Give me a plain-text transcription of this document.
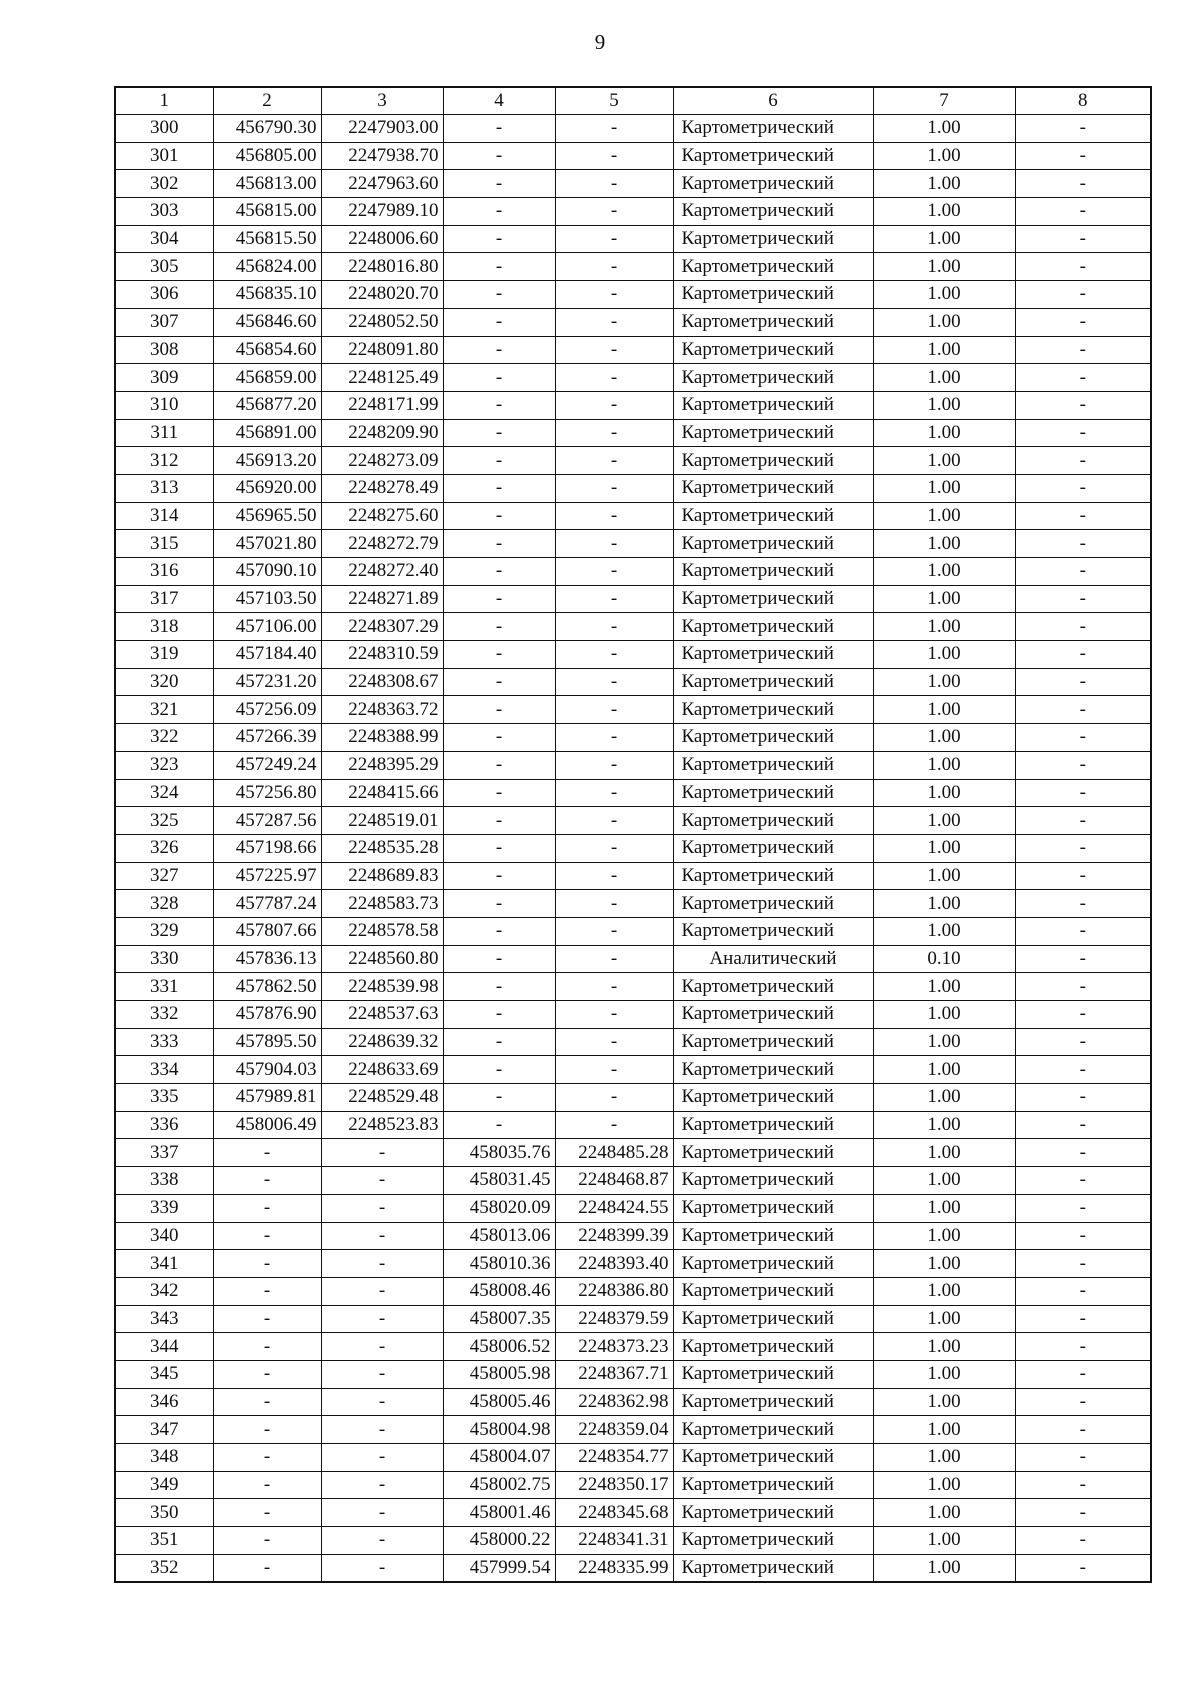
9
1	2	3	4	5	6	7	8
300	456790.30	2247903.00	-	-	Картометрический	1.00	-
301	456805.00	2247938.70	-	-	Картометрический	1.00	-
302	456813.00	2247963.60	-	-	Картометрический	1.00	-
303	456815.00	2247989.10	-	-	Картометрический	1.00	-
304	456815.50	2248006.60	-	-	Картометрический	1.00	-
305	456824.00	2248016.80	-	-	Картометрический	1.00	-
306	456835.10	2248020.70	-	-	Картометрический	1.00	-
307	456846.60	2248052.50	-	-	Картометрический	1.00	-
308	456854.60	2248091.80	-	-	Картометрический	1.00	-
309	456859.00	2248125.49	-	-	Картометрический	1.00	-
310	456877.20	2248171.99	-	-	Картометрический	1.00	-
311	456891.00	2248209.90	-	-	Картометрический	1.00	-
312	456913.20	2248273.09	-	-	Картометрический	1.00	-
313	456920.00	2248278.49	-	-	Картометрический	1.00	-
314	456965.50	2248275.60	-	-	Картометрический	1.00	-
315	457021.80	2248272.79	-	-	Картометрический	1.00	-
316	457090.10	2248272.40	-	-	Картометрический	1.00	-
317	457103.50	2248271.89	-	-	Картометрический	1.00	-
318	457106.00	2248307.29	-	-	Картометрический	1.00	-
319	457184.40	2248310.59	-	-	Картометрический	1.00	-
320	457231.20	2248308.67	-	-	Картометрический	1.00	-
321	457256.09	2248363.72	-	-	Картометрический	1.00	-
322	457266.39	2248388.99	-	-	Картометрический	1.00	-
323	457249.24	2248395.29	-	-	Картометрический	1.00	-
324	457256.80	2248415.66	-	-	Картометрический	1.00	-
325	457287.56	2248519.01	-	-	Картометрический	1.00	-
326	457198.66	2248535.28	-	-	Картометрический	1.00	-
327	457225.97	2248689.83	-	-	Картометрический	1.00	-
328	457787.24	2248583.73	-	-	Картометрический	1.00	-
329	457807.66	2248578.58	-	-	Картометрический	1.00	-
330	457836.13	2248560.80	-	-	Аналитический	0.10	-
331	457862.50	2248539.98	-	-	Картометрический	1.00	-
332	457876.90	2248537.63	-	-	Картометрический	1.00	-
333	457895.50	2248639.32	-	-	Картометрический	1.00	-
334	457904.03	2248633.69	-	-	Картометрический	1.00	-
335	457989.81	2248529.48	-	-	Картометрический	1.00	-
336	458006.49	2248523.83	-	-	Картометрический	1.00	-
337	-	-	458035.76	2248485.28	Картометрический	1.00	-
338	-	-	458031.45	2248468.87	Картометрический	1.00	-
339	-	-	458020.09	2248424.55	Картометрический	1.00	-
340	-	-	458013.06	2248399.39	Картометрический	1.00	-
341	-	-	458010.36	2248393.40	Картометрический	1.00	-
342	-	-	458008.46	2248386.80	Картометрический	1.00	-
343	-	-	458007.35	2248379.59	Картометрический	1.00	-
344	-	-	458006.52	2248373.23	Картометрический	1.00	-
345	-	-	458005.98	2248367.71	Картометрический	1.00	-
346	-	-	458005.46	2248362.98	Картометрический	1.00	-
347	-	-	458004.98	2248359.04	Картометрический	1.00	-
348	-	-	458004.07	2248354.77	Картометрический	1.00	-
349	-	-	458002.75	2248350.17	Картометрический	1.00	-
350	-	-	458001.46	2248345.68	Картометрический	1.00	-
351	-	-	458000.22	2248341.31	Картометрический	1.00	-
352	-	-	457999.54	2248335.99	Картометрический	1.00	-
